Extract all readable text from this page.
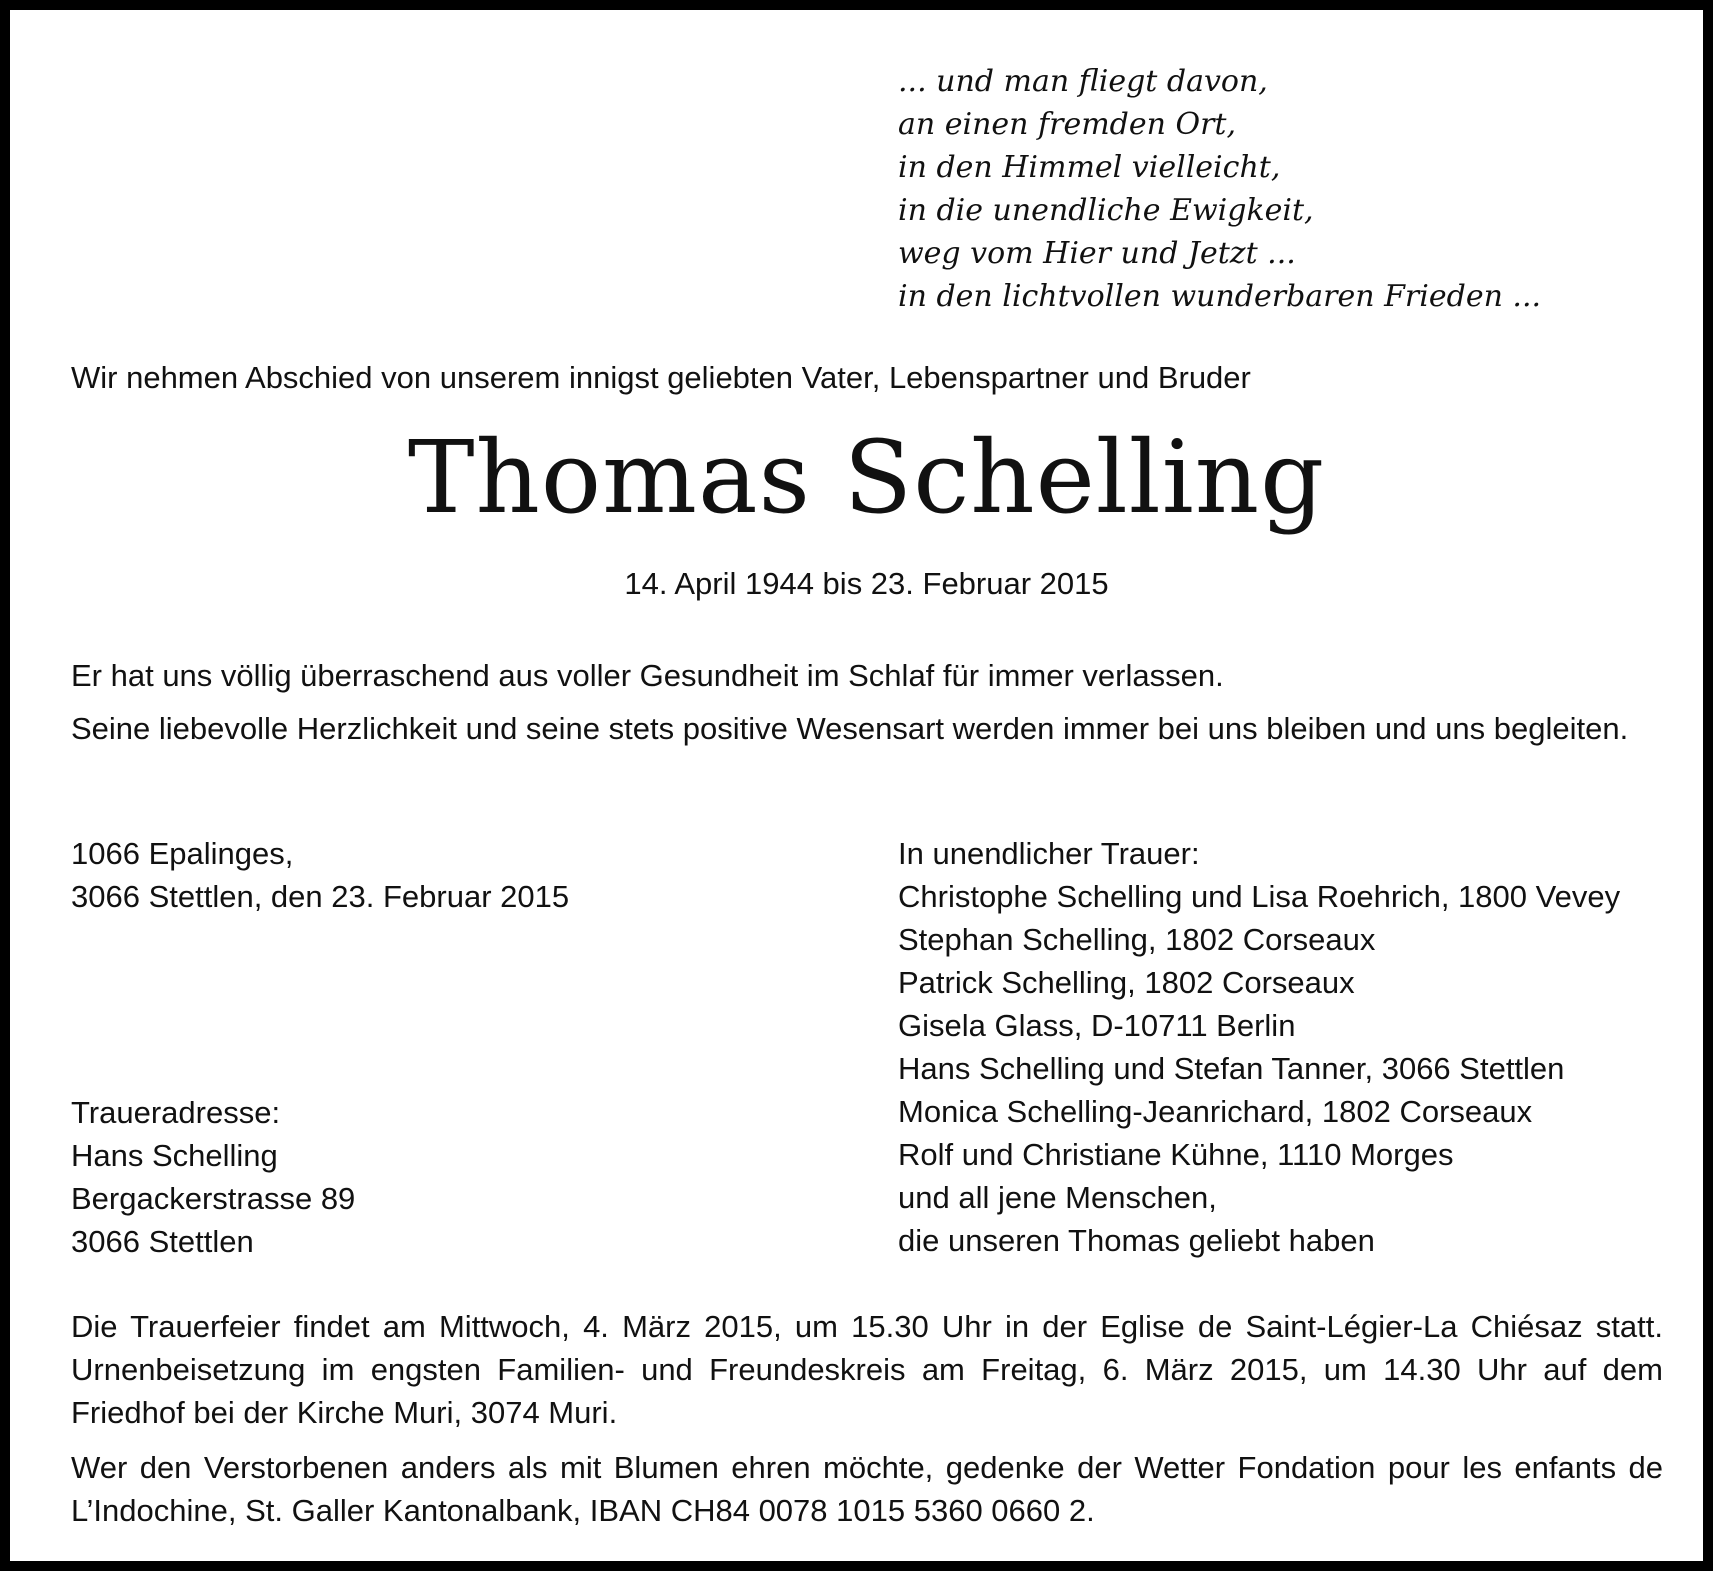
... und man fliegt davon,
an einen fremden Ort,
in den Himmel vielleicht,
in die unendliche Ewigkeit,
weg vom Hier und Jetzt ...
in den lichtvollen wunderbaren Frieden ...
Wir nehmen Abschied von unserem innigst geliebten Vater, Lebenspartner und Bruder
Thomas Schelling
14. April 1944 bis 23. Februar 2015
Er hat uns völlig überraschend aus voller Gesundheit im Schlaf für immer verlassen.
Seine liebevolle Herzlichkeit und seine stets positive Wesensart werden immer bei uns bleiben und uns begleiten.
1066 Epalinges,
3066 Stettlen, den 23. Februar 2015
Traueradresse:
Hans Schelling
Bergackerstrasse 89
3066 Stettlen
In unendlicher Trauer:
Christophe Schelling und Lisa Roehrich, 1800 Vevey
Stephan Schelling, 1802 Corseaux
Patrick Schelling, 1802 Corseaux
Gisela Glass, D-10711 Berlin
Hans Schelling und Stefan Tanner, 3066 Stettlen
Monica Schelling-Jeanrichard, 1802 Corseaux
Rolf und Christiane Kühne, 1110 Morges
und all jene Menschen,
die unseren Thomas geliebt haben
Die Trauerfeier findet am Mittwoch, 4. März 2015, um 15.30 Uhr in der Eglise de Saint-Légier-La Chiésaz statt. Urnenbeisetzung im engsten Familien- und Freundeskreis am Freitag, 6. März 2015, um 14.30 Uhr auf dem Friedhof bei der Kirche Muri, 3074 Muri.
Wer den Verstorbenen anders als mit Blumen ehren möchte, gedenke der Wetter Fondation pour les enfants de L’Indochine, St. Galler Kantonalbank, IBAN CH84 0078 1015 5360 0660 2.
